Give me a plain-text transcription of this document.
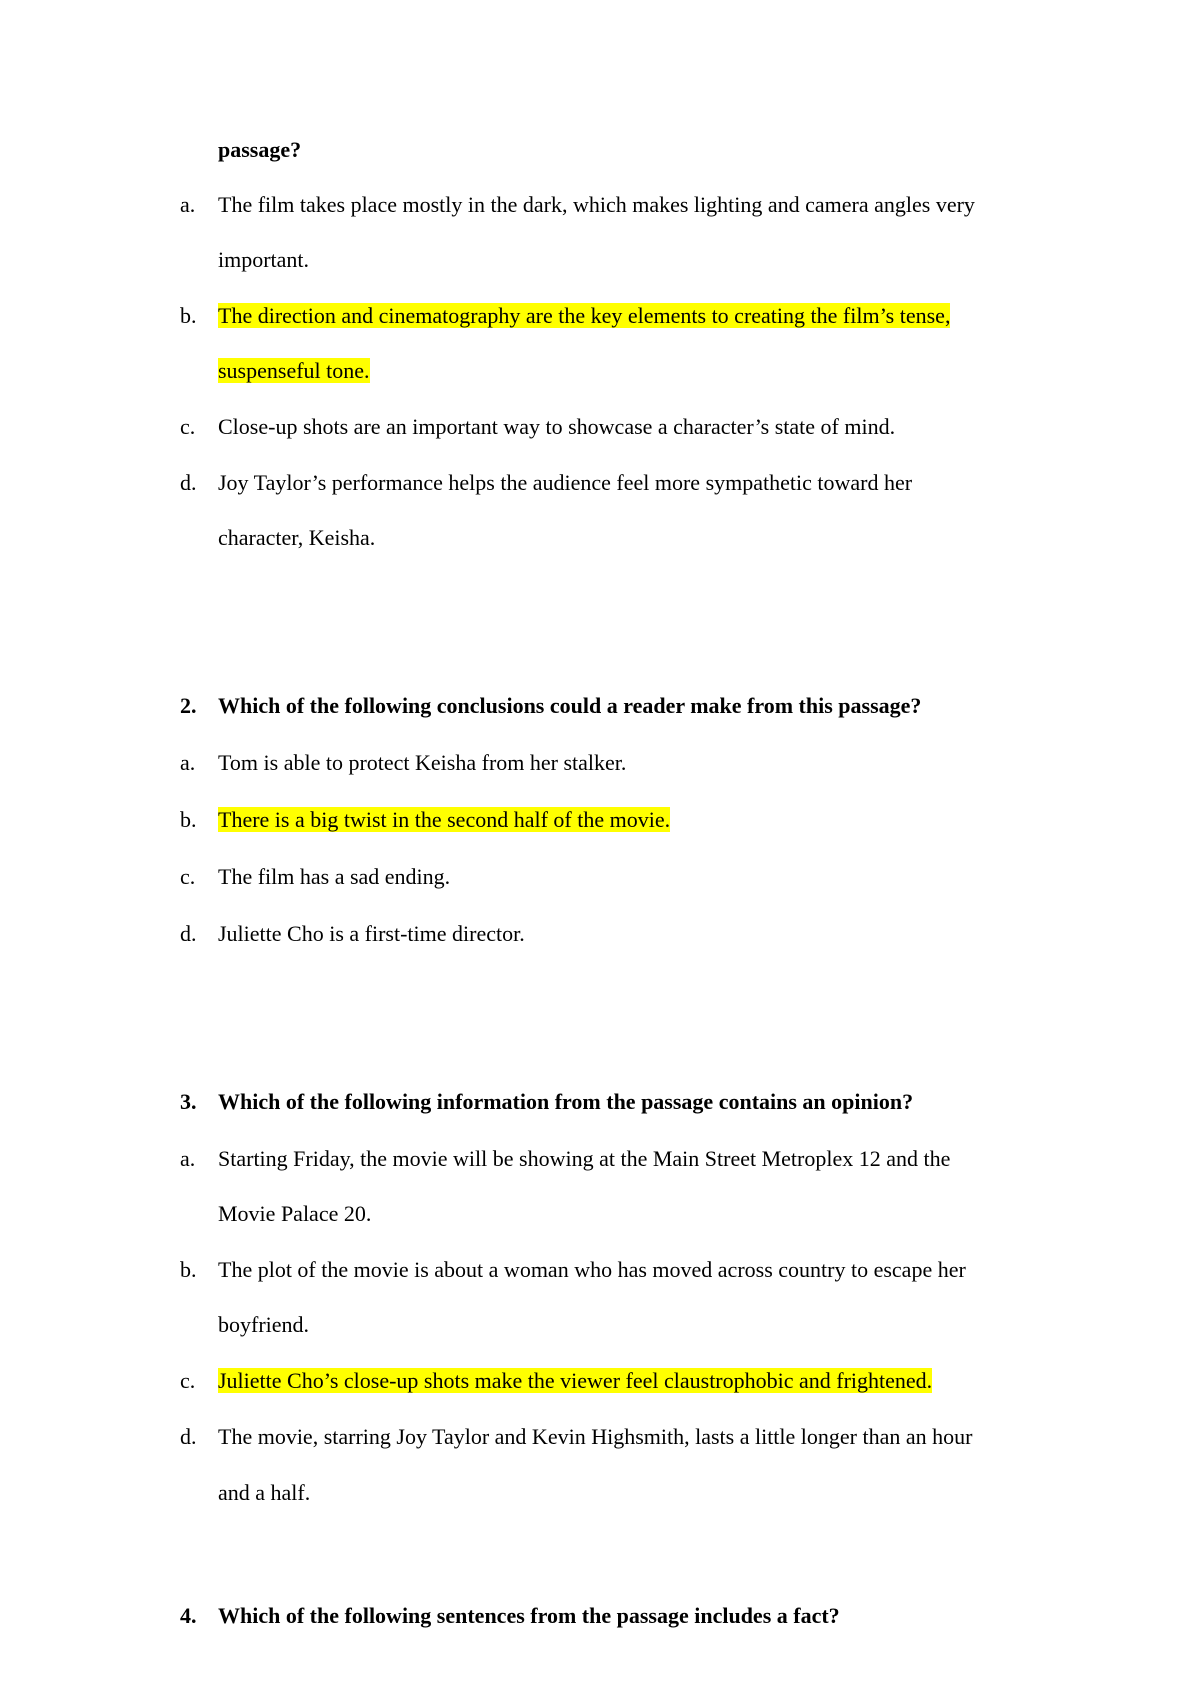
passage?
a. The film takes place mostly in the dark, which makes lighting and camera angles very
important.
b. The direction and cinematography are the key elements to creating the film’s tense,
suspenseful tone.
c. Close-up shots are an important way to showcase a character’s state of mind.
d. Joy Taylor’s performance helps the audience feel more sympathetic toward her
character, Keisha.
2. Which of the following conclusions could a reader make from this passage?
a. Tom is able to protect Keisha from her stalker.
b. There is a big twist in the second half of the movie.
c. The film has a sad ending.
d. Juliette Cho is a first-time director.
3. Which of the following information from the passage contains an opinion?
a. Starting Friday, the movie will be showing at the Main Street Metroplex 12 and the
Movie Palace 20.
b. The plot of the movie is about a woman who has moved across country to escape her
boyfriend.
c. Juliette Cho’s close-up shots make the viewer feel claustrophobic and frightened.
d. The movie, starring Joy Taylor and Kevin Highsmith, lasts a little longer than an hour
and a half.
4. Which of the following sentences from the passage includes a fact?
